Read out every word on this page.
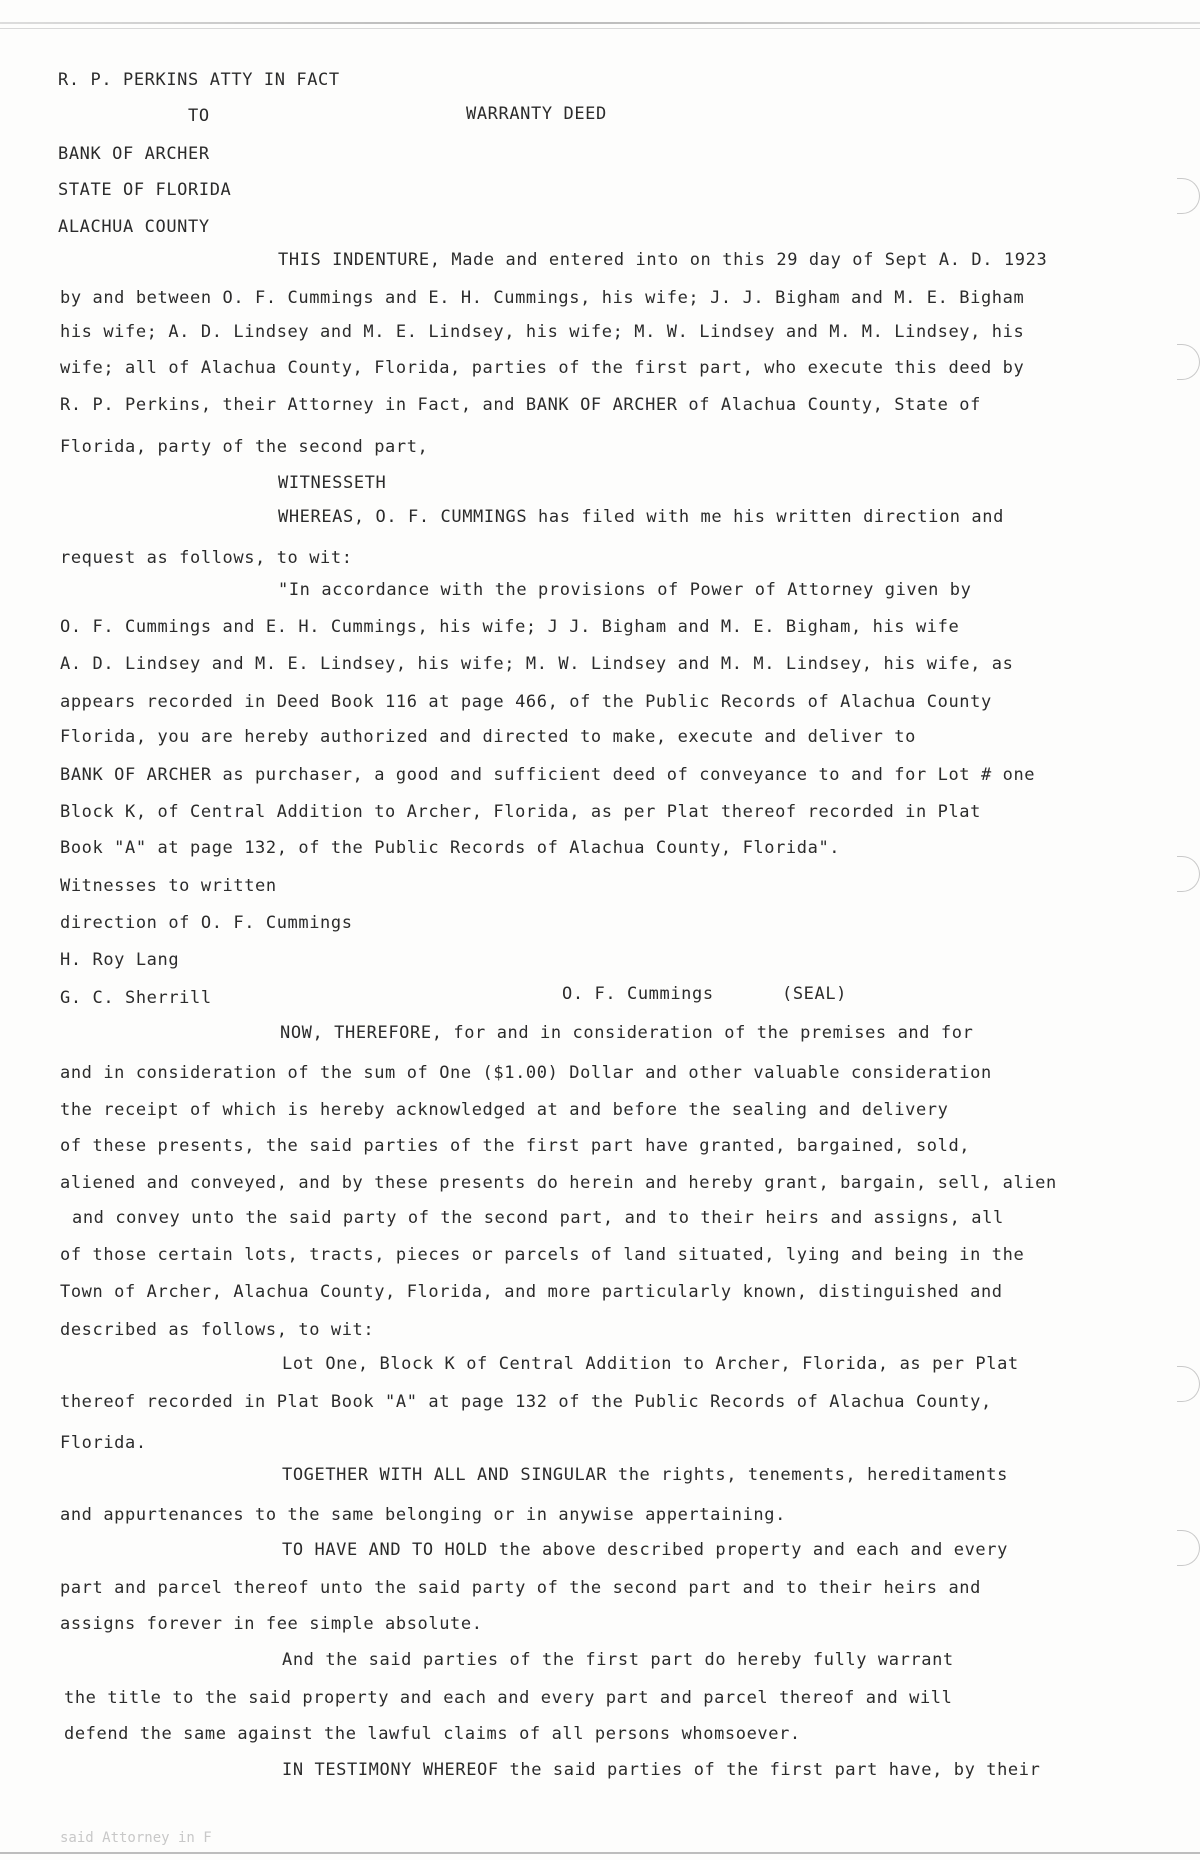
R. P. PERKINS ATTY IN FACT
TO	WARRANTY DEED
BANK OF ARCHER
STATE OF FLORIDA
ALACHUA COUNTY
THIS INDENTURE, Made and entered into on this 29 day of Sept A. D. 1923
by and between O. F. Cummings and E. H. Cummings, his wife; J. J. Bigham and M. E. Bigham
his wife; A. D. Lindsey and M. E. Lindsey, his wife; M. W. Lindsey and M. M. Lindsey, his
wife; all of Alachua County, Florida, parties of the first part, who execute this deed by
R. P. Perkins, their Attorney in Fact, and BANK OF ARCHER of Alachua County, State of
Florida, party of the second part,
WITNESSETH
WHEREAS, O. F. CUMMINGS has filed with me his written direction and
request as follows, to wit:
"In accordance with the provisions of Power of Attorney given by
O. F. Cummings and E. H. Cummings, his wife; J J. Bigham and M. E. Bigham, his wife
A. D. Lindsey and M. E. Lindsey, his wife; M. W. Lindsey and M. M. Lindsey, his wife, as
appears recorded in Deed Book 116 at page 466, of the Public Records of Alachua County
Florida, you are hereby authorized and directed to make, execute and deliver to
BANK OF ARCHER as purchaser, a good and sufficient deed of conveyance to and for Lot # one
Block K, of Central Addition to Archer, Florida, as per Plat thereof recorded in Plat
Book "A" at page 132, of the Public Records of Alachua County, Florida".
Witnesses to written
direction of O. F. Cummings
H. Roy Lang
G. C. Sherrill	O. F. Cummings	(SEAL)
NOW, THEREFORE, for and in consideration of the premises and for
and in consideration of the sum of One ($1.00) Dollar and other valuable consideration
the receipt of which is hereby acknowledged at and before the sealing and delivery
of these presents, the said parties of the first part have granted, bargained, sold,
aliened and conveyed, and by these presents do herein and hereby grant, bargain, sell, alien
and convey unto the said party of the second part, and to their heirs and assigns, all
of those certain lots, tracts, pieces or parcels of land situated, lying and being in the
Town of Archer, Alachua County, Florida, and more particularly known, distinguished and
described as follows, to wit:
Lot One, Block K of Central Addition to Archer, Florida, as per Plat
thereof recorded in Plat Book "A" at page 132 of the Public Records of Alachua County,
Florida.
TOGETHER WITH ALL AND SINGULAR the rights, tenements, hereditaments
and appurtenances to the same belonging or in anywise appertaining.
TO HAVE AND TO HOLD the above described property and each and every
part and parcel thereof unto the said party of the second part and to their heirs and
assigns forever in fee simple absolute.
And the said parties of the first part do hereby fully warrant
the title to the said property and each and every part and parcel thereof and will
defend the same against the lawful claims of all persons whomsoever.
IN TESTIMONY WHEREOF the said parties of the first part have, by their
said Attorney in F
